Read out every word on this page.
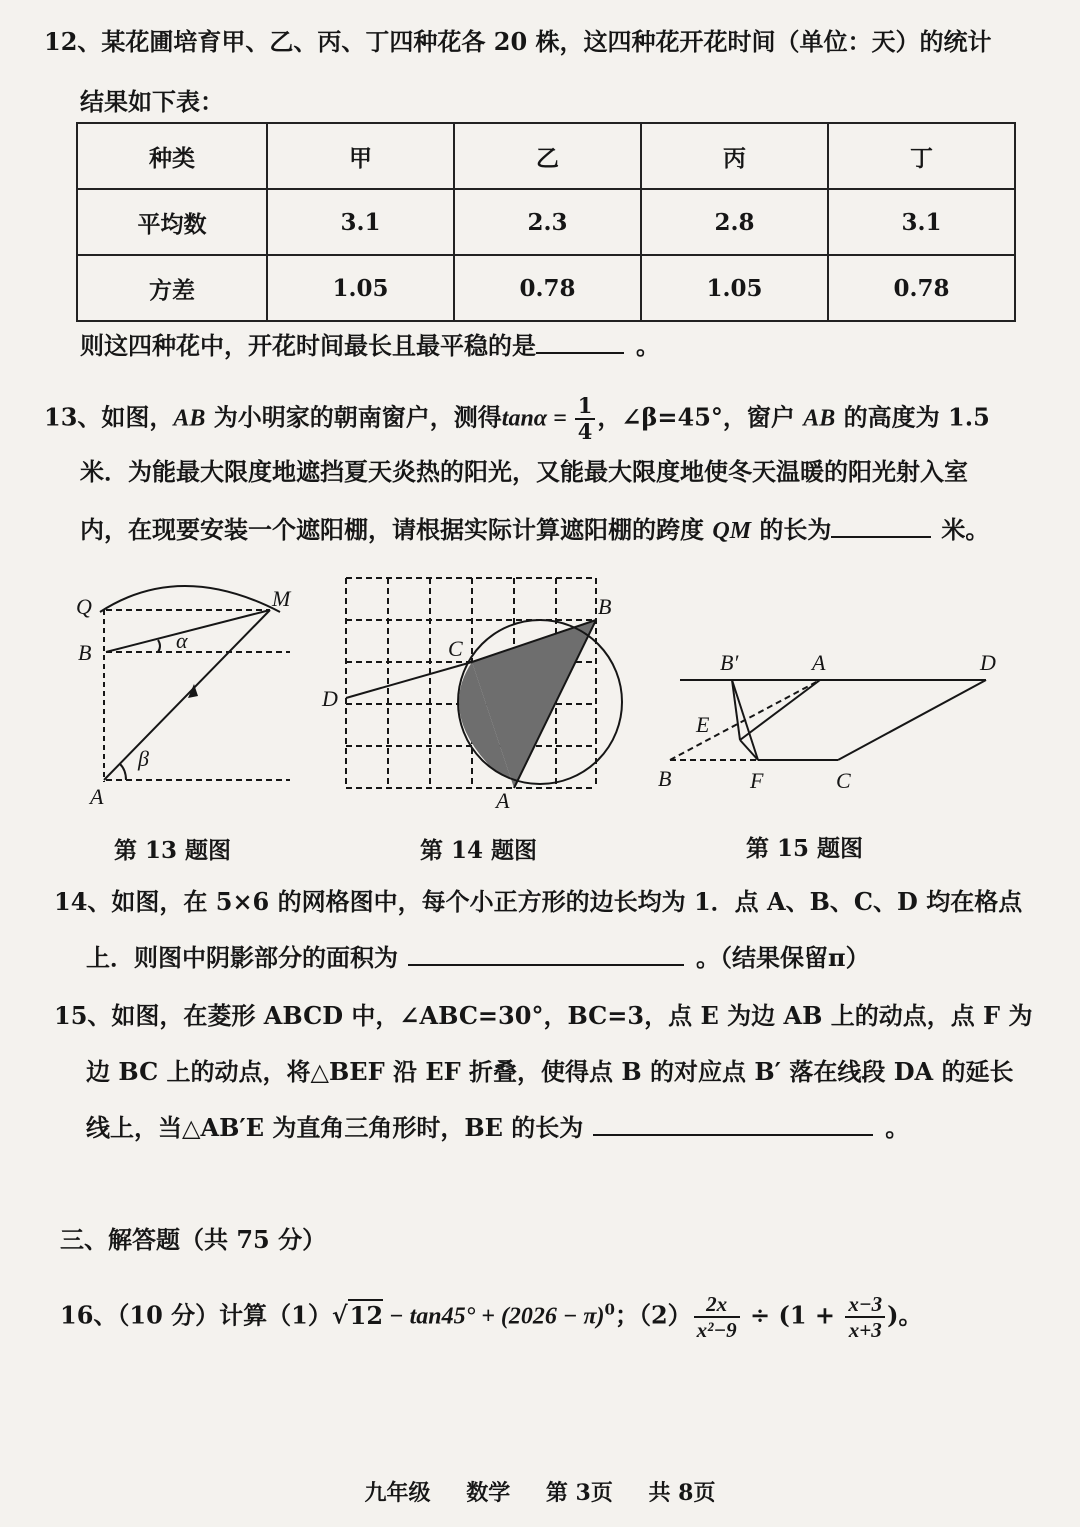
12、某花圃培育甲、乙、丙、丁四种花各 20 株，这四种花开花时间（单位：天）的统计
结果如下表：
种类	甲	乙	丙	丁
平均数	3.1	2.3	2.8	3.1
方差	1.05	0.78	1.05	0.78
则这四种花中，开花时间最长且最平稳的是	。
13、如图，AB 为小明家的朝南窗户，测得$\tan\alpha = \frac{1}{4}$ ，∠β=45°，窗户 AB 的高度为 1.5
米．为能最大限度地遮挡夏天炎热的阳光，又能最大限度地使冬天温暖的阳光射入室
内，在现要安装一个遮阳棚，请根据实际计算遮阳棚的跨度 QM 的长为	米。
Q	M
B	α
β
A
第 13 题图
B
C
D
A
第 14 题图
B′	A	D
E
B	F	C
第 15 题图
14、如图，在 5×6 的网格图中，每个小正方形的边长均为 1．点 A、B、C、D 均在格点
上．则图中阴影部分的面积为	。（结果保留π）
15、如图，在菱形 ABCD 中，∠ABC=30°，BC=3，点 E 为边 AB 上的动点，点 F 为
边 BC 上的动点，将△BEF 沿 EF 折叠，使得点 B 的对应点 B′ 落在线段 DA 的延长
线上，当△AB′E 为直角三角形时，BE 的长为	。
三、解答题（共 75 分）
16、（10 分）计算$(1)√12 - \tan 45^\circ + (2026 - \pi)^0$；$(2) \frac{2x}{\text{x²−9}} \div (1 + \frac{x-3}{x+3}$ )。
九年级 数学 第 3页 共 8页
